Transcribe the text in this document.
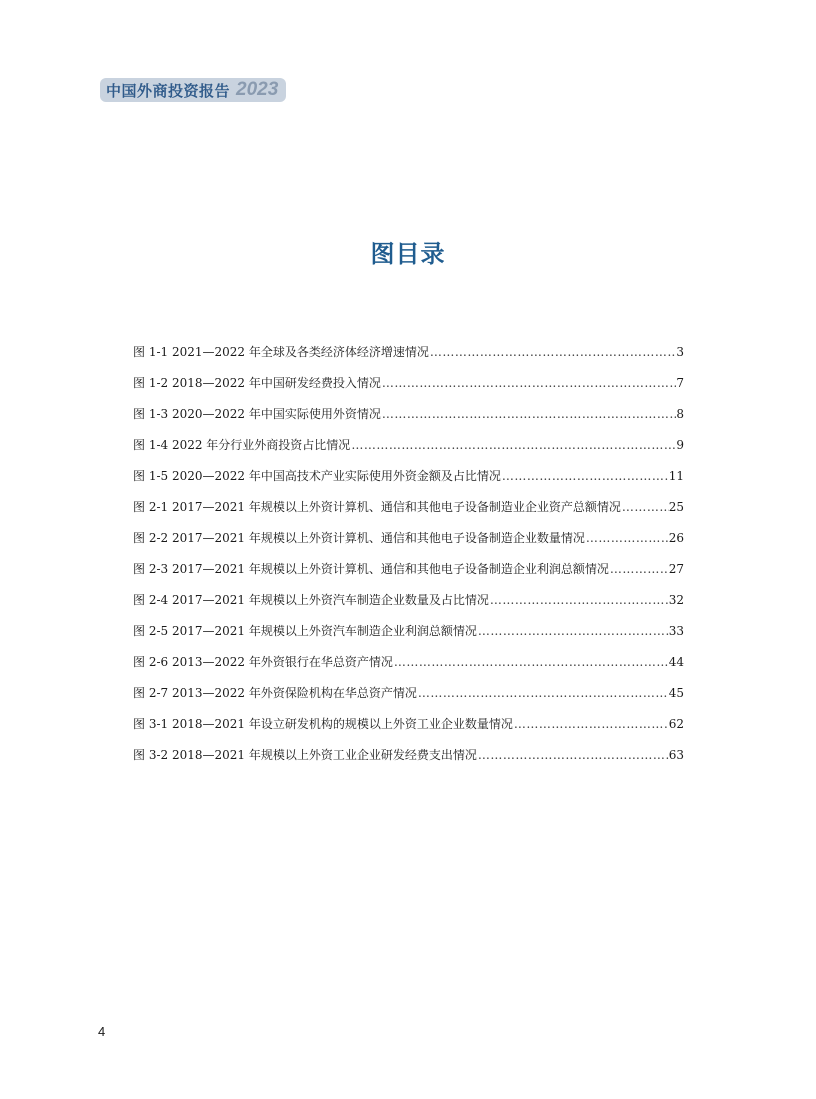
中国外商投资报告 2023
图目录
图 1-1 2021—2022 年全球及各类经济体经济增速情况 …………………………………………………………………………………………………………………………………………	3
图 1-2 2018—2022 年中国研发经费投入情况 …………………………………………………………………………………………………………………………………………	7
图 1-3 2020—2022 年中国实际使用外资情况 …………………………………………………………………………………………………………………………………………	8
图 1-4 2022 年分行业外商投资占比情况 …………………………………………………………………………………………………………………………………………	9
图 1-5 2020—2022 年中国高技术产业实际使用外资金额及占比情况 …………………………………………………………………………………………………………………………………………	11
图 2-1 2017—2021 年规模以上外资计算机、通信和其他电子设备制造业企业资产总额情况 …………………………………………………………………………………………………………………………………………	25
图 2-2 2017—2021 年规模以上外资计算机、通信和其他电子设备制造企业数量情况 …………………………………………………………………………………………………………………………………………	26
图 2-3 2017—2021 年规模以上外资计算机、通信和其他电子设备制造企业利润总额情况 …………………………………………………………………………………………………………………………………………	27
图 2-4 2017—2021 年规模以上外资汽车制造企业数量及占比情况 …………………………………………………………………………………………………………………………………………	32
图 2-5 2017—2021 年规模以上外资汽车制造企业利润总额情况 …………………………………………………………………………………………………………………………………………	33
图 2-6 2013—2022 年外资银行在华总资产情况 …………………………………………………………………………………………………………………………………………	44
图 2-7 2013—2022 年外资保险机构在华总资产情况 …………………………………………………………………………………………………………………………………………	45
图 3-1 2018—2021 年设立研发机构的规模以上外资工业企业数量情况 …………………………………………………………………………………………………………………………………………	62
图 3-2 2018—2021 年规模以上外资工业企业研发经费支出情况 …………………………………………………………………………………………………………………………………………	63
4
